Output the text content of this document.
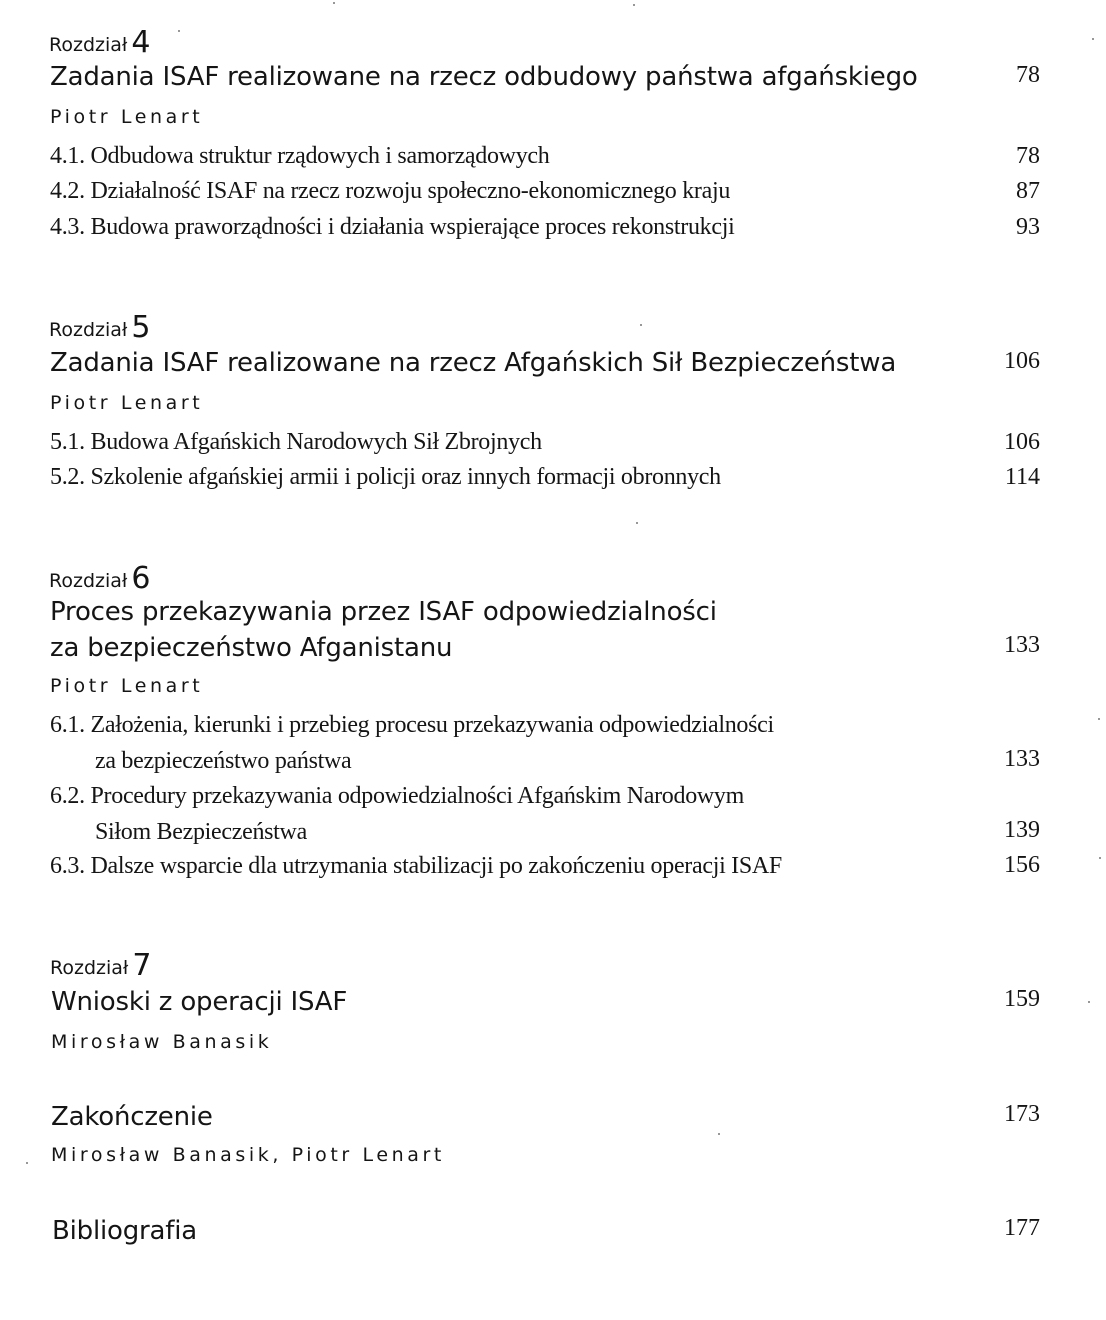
Rozdział 4
Zadania ISAF realizowane na rzecz odbudowy państwa afgańskiego	78
Piotr Lenart
4.1. Odbudowa struktur rządowych i samorządowych	78
4.2. Działalność ISAF na rzecz rozwoju społeczno-ekonomicznego kraju	87
4.3. Budowa praworządności i działania wspierające proces rekonstrukcji	93
Rozdział 5
Zadania ISAF realizowane na rzecz Afgańskich Sił Bezpieczeństwa	106
Piotr Lenart
5.1. Budowa Afgańskich Narodowych Sił Zbrojnych	106
5.2. Szkolenie afgańskiej armii i policji oraz innych formacji obronnych	114
Rozdział 6
Proces przekazywania przez ISAF odpowiedzialności
za bezpieczeństwo Afganistanu	133
Piotr Lenart
6.1. Założenia, kierunki i przebieg procesu przekazywania odpowiedzialności
za bezpieczeństwo państwa	133
6.2. Procedury przekazywania odpowiedzialności Afgańskim Narodowym
Siłom Bezpieczeństwa	139
6.3. Dalsze wsparcie dla utrzymania stabilizacji po zakończeniu operacji ISAF	156
Rozdział 7
Wnioski z operacji ISAF	159
Mirosław Banasik
Zakończenie	173
Mirosław Banasik, Piotr Lenart
Bibliografia	177
